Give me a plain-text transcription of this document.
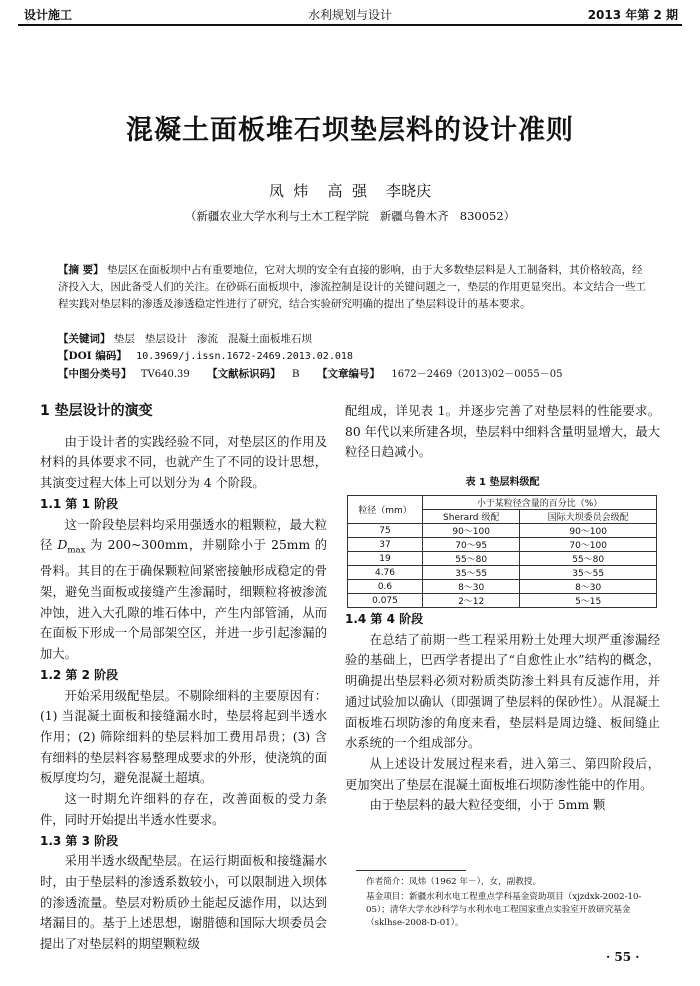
设计施工	水利规划与设计	2013 年第 2 期
混凝土面板堆石坝垫层料的设计准则
凤  炜    高  强    李晓庆
（新疆农业大学水利与土木工程学院   新疆乌鲁木齐   830052）
【摘 要】 垫层区在面板坝中占有重要地位，它对大坝的安全有直接的影响，由于大多数垫层料是人工制备料，其价格较高，经济投入大，因此备受人们的关注。在砂砾石面板坝中，渗流控制是设计的关键问题之一，垫层的作用更显突出。本文结合一些工程实践对垫层料的渗透及渗透稳定性进行了研究，结合实验研究明确的提出了垫层料设计的基本要求。
【关键词】 垫层   垫层设计   渗流   混凝土面板堆石坝
【DOI 编码】 10.3969/j.issn.1672-2469.2013.02.018
【中图分类号】 TV640.39 【文献标识码】 B 【文章编号】 1672－2469（2013)02－0055－05
1 垫层设计的演变

由于设计者的实践经验不同，对垫层区的作用及材料的具体要求不同，也就产生了不同的设计思想，其演变过程大体上可以划分为 4 个阶段。

1.1 第 1 阶段

这一阶段垫层料均采用强透水的粗颗粒，最大粒径 $D_{max}$ 为 200~300mm，并剔除小于 25mm 的骨料。其目的在于确保颗粒间紧密接触形成稳定的骨架，避免当面板或接缝产生渗漏时，细颗粒将被渗流冲蚀，进入大孔隙的堆石体中，产生内部管涌，从而在面板下形成一个局部架空区，并进一步引起渗漏的加大。

1.2 第 2 阶段

开始采用级配垫层。不剔除细料的主要原因有：(1) 当混凝土面板和接缝漏水时，垫层将起到半透水作用；(2) 筛除细料的垫层料加工费用昂贵；(3) 含有细料的垫层料容易整理成要求的外形，使浇筑的面板厚度均匀，避免混凝土超填。

这一时期允许细料的存在，改善面板的受力条件，同时开始提出半透水性要求。

1.3 第 3 阶段

采用半透水级配垫层。在运行期面板和接缝漏水时，由于垫层料的渗透系数较小，可以限制进入坝体的渗透流量。垫层对粉质砂土能起反滤作用，以达到堵漏目的。基于上述思想，谢腊德和国际大坝委员会提出了对垫层料的期望颗粒级

配组成，详见表 1。并逐步完善了对垫层料的性能要求。80 年代以来所建各坝，垫层料中细料含量明显增大，最大粒径日趋减小。

表 1 垫层料级配
粒径（mm）	小于某粒径含量的百分比（%）	
	Sherard 级配	国际大坝委员会级配
75	90～100	90～100
37	70～95	70～100
19	55～80	55～80
4.76	35～55	35～55
0.6	8～30	8～30
0.075	2～12	5～15
1.4 第 4 阶段

在总结了前期一些工程采用粉土处理大坝严重渗漏经验的基础上，巴西学者提出了“自愈性止水”结构的概念，明确提出垫层料必须对粉质类防渗土料具有反滤作用，并通过试验加以确认（即强调了垫层料的保砂性）。从混凝土面板堆石坝防渗的角度来看，垫层料是周边缝、板间缝止水系统的一个组成部分。

从上述设计发展过程来看，进入第三、第四阶段后，更加突出了垫层在混凝土面板堆石坝防渗性能中的作用。

由于垫层料的最大粒径变细，小于 5mm 颗

作者简介：凤炜（1962 年－），女，副教授。
基金项目：新疆水利水电工程重点学科基金资助项目（xjzdxk-2002-10-05）；清华大学水沙科学与水利水电工程国家重点实验室开放研究基金（sklhse-2008-D-01）。
· 55 ·
